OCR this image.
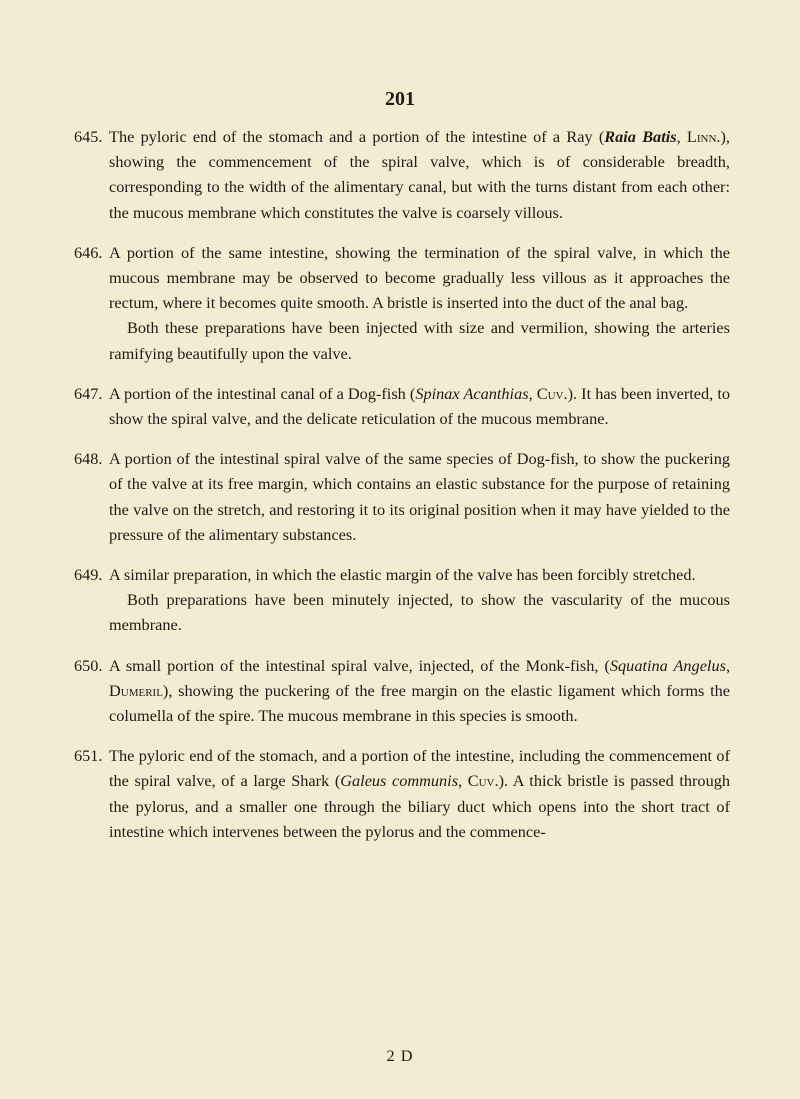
201

645. The pyloric end of the stomach and a portion of the intestine of a Ray (Raia Batis, Linn.), showing the commencement of the spiral valve, which is of considerable breadth, corresponding to the width of the alimentary canal, but with the turns distant from each other: the mucous membrane which constitutes the valve is coarsely villous.

646. A portion of the same intestine, showing the termination of the spiral valve, in which the mucous membrane may be observed to become gradually less villous as it approaches the rectum, where it becomes quite smooth. A bristle is inserted into the duct of the anal bag.

Both these preparations have been injected with size and vermilion, showing the arteries ramifying beautifully upon the valve.

647. A portion of the intestinal canal of a Dog-fish (Spinax Acanthias, Cuv.). It has been inverted, to show the spiral valve, and the delicate reticulation of the mucous membrane.

648. A portion of the intestinal spiral valve of the same species of Dog-fish, to show the puckering of the valve at its free margin, which contains an elastic substance for the purpose of retaining the valve on the stretch, and restoring it to its original position when it may have yielded to the pressure of the alimentary substances.

649. A similar preparation, in which the elastic margin of the valve has been forcibly stretched.

Both preparations have been minutely injected, to show the vascularity of the mucous membrane.

650. A small portion of the intestinal spiral valve, injected, of the Monk-fish, (Squatina Angelus, Dumeril), showing the puckering of the free margin on the elastic ligament which forms the columella of the spire. The mucous membrane in this species is smooth.

651. The pyloric end of the stomach, and a portion of the intestine, including the commencement of the spiral valve, of a large Shark (Galeus communis, Cuv.). A thick bristle is passed through the pylorus, and a smaller one through the biliary duct which opens into the short tract of intestine which intervenes between the pylorus and the commence-

2 D
